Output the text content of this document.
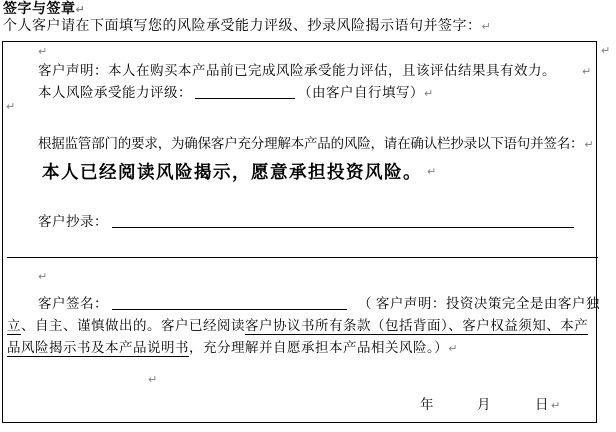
签字与签章↵
个人客户请在下面填写您的风险承受能力评级、抄录风险揭示语句并签字：↵
↵
客户声明：本人在购买本产品前已完成风险承受能力评估，且该评估结果具有效力。 ↵
本人风险承受能力评级：	（由客户自行填写）↵
↵
根据监管部门的要求，为确保客户充分理解本产品的风险，请在确认栏抄录以下语句并签名：↵
本人已经阅读风险揭示，愿意承担投资风险。 ↵
客户抄录：
↵
客户签名：	（ 客户声明：投资决策完全是由客户独
立、自主、谨慎做出的。客户已经阅读客户协议书所有条款（包括背面）、客户权益须知、本产
品风险揭示书及本产品说明书，充分理解并自愿承担本产品相关风险。）↵
↵
年	月	日 ↵
↵
